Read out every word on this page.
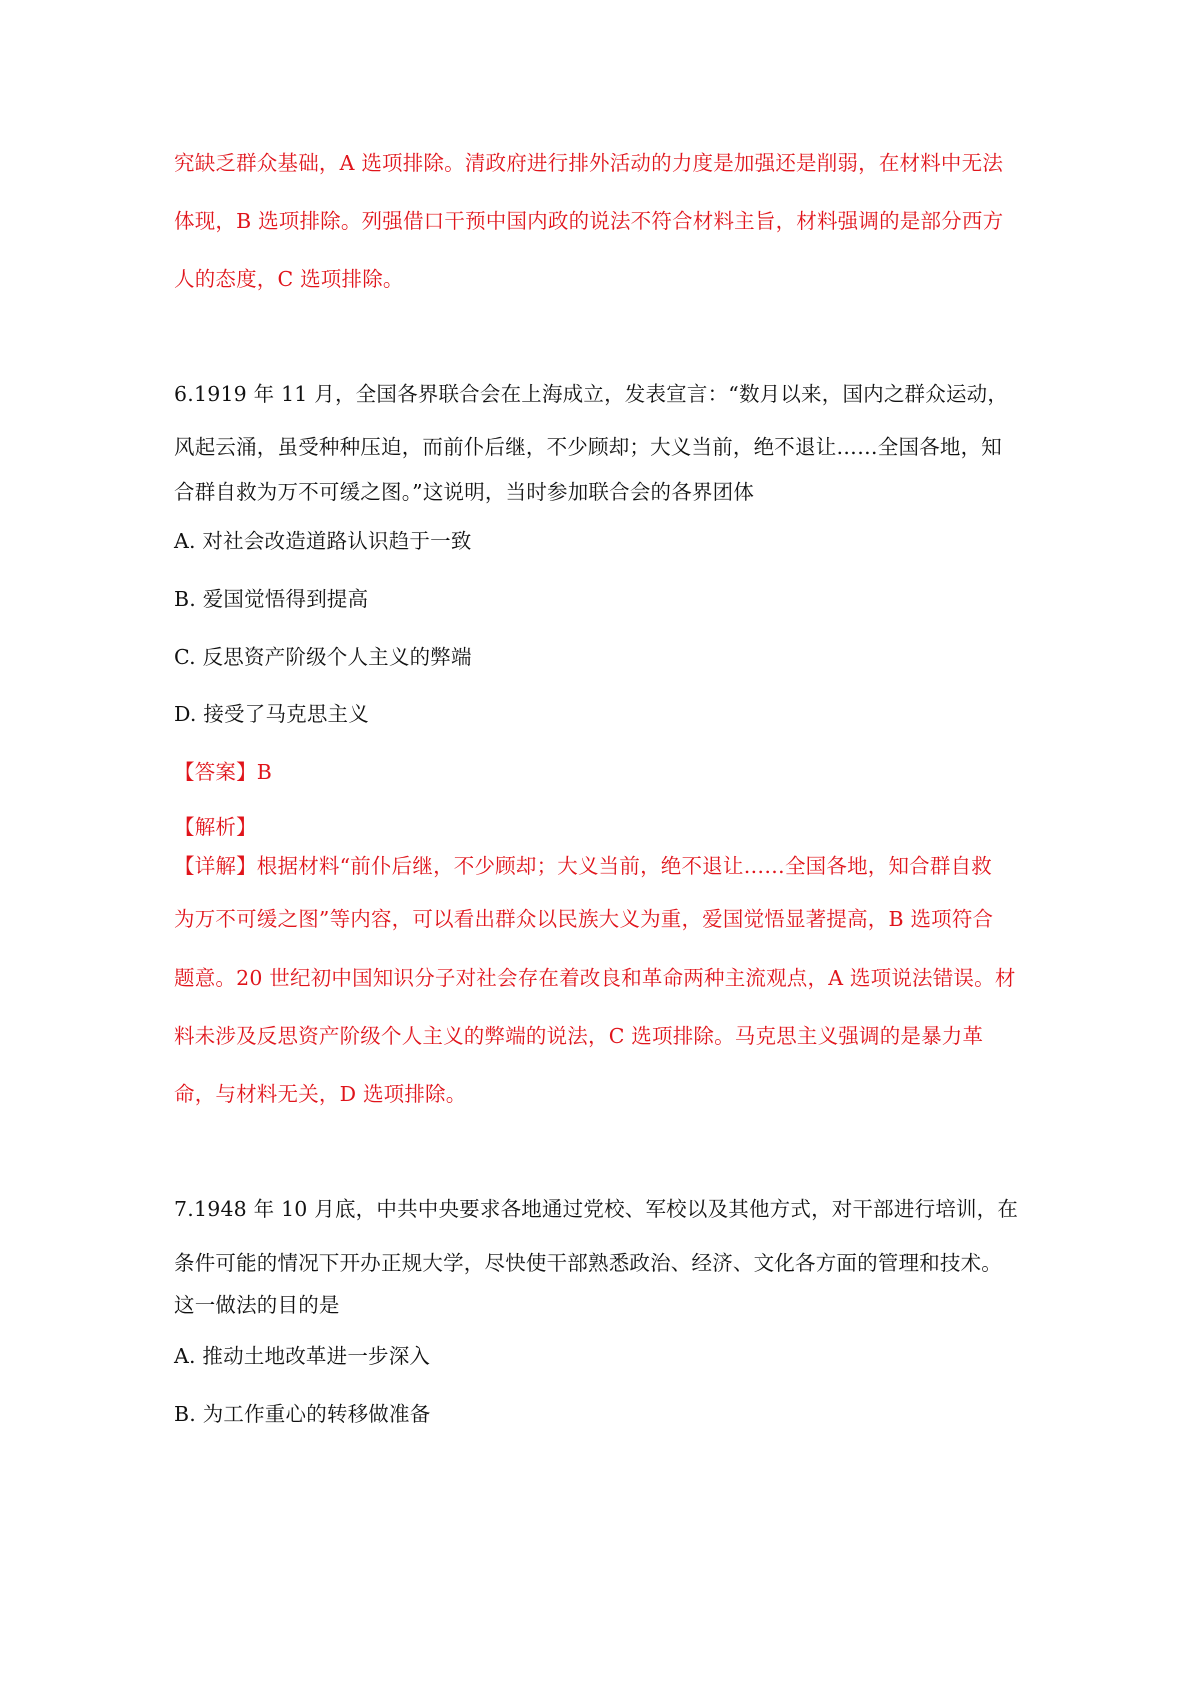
究缺乏群众基础，A 选项排除。清政府进行排外活动的力度是加强还是削弱，在材料中无法

体现，B 选项排除。列强借口干预中国内政的说法不符合材料主旨，材料强调的是部分西方

人的态度，C 选项排除。

6.1919 年 11 月，全国各界联合会在上海成立，发表宣言：“数月以来，国内之群众运动，

风起云涌，虽受种种压迫，而前仆后继，不少顾却；大义当前，绝不退让……全国各地，知

合群自救为万不可缓之图。”这说明，当时参加联合会的各界团体

A. 对社会改造道路认识趋于一致

B. 爱国觉悟得到提高

C. 反思资产阶级个人主义的弊端

D. 接受了马克思主义

【答案】B

【解析】

【详解】根据材料“前仆后继，不少顾却；大义当前，绝不退让……全国各地，知合群自救

为万不可缓之图”等内容，可以看出群众以民族大义为重，爱国觉悟显著提高，B 选项符合

题意。20 世纪初中国知识分子对社会存在着改良和革命两种主流观点，A 选项说法错误。材

料未涉及反思资产阶级个人主义的弊端的说法，C 选项排除。马克思主义强调的是暴力革

命，与材料无关，D 选项排除。

7.1948 年 10 月底，中共中央要求各地通过党校、军校以及其他方式，对干部进行培训，在

条件可能的情况下开办正规大学，尽快使干部熟悉政治、经济、文化各方面的管理和技术。

这一做法的目的是

A. 推动土地改革进一步深入

B. 为工作重心的转移做准备
